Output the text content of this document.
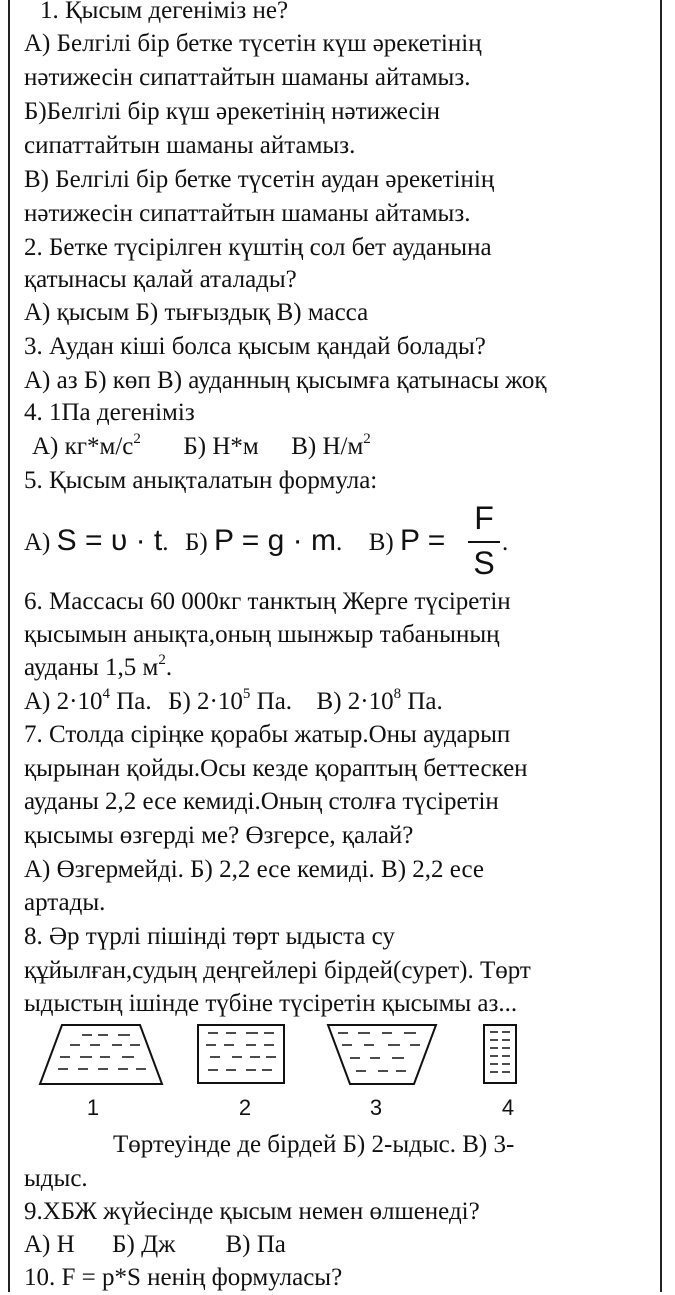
1. Қысым дегеніміз не?
А) Белгілі бір бетке түсетін күш әрекетінің
нәтижесін сипаттайтын шаманы айтамыз.
Б)Белгілі бір күш әрекетінің нәтижесін
сипаттайтын шаманы айтамыз.
В) Белгілі бір бетке түсетін аудан әрекетінің
нәтижесін сипаттайтын шаманы айтамыз.
2. Бетке түсірілген күштің сол бет ауданына
қатынасы қалай аталады?
А) қысым Б) тығыздық В) масса
3. Аудан кіші болса қысым қандай болады?
А) аз Б) көп В) ауданның қысымға қатынасы жоқ
4. 1Па дегеніміз
А) $кг*м/с^2$ Б) Н*м В) $Н/м^2$
5. Қысым анықталатын формула:
А) S = υ · t. Б) P = g · m. В) P =
F
S
.
6. Массасы 60 000кг танктың Жерге түсіретін
қысымын анықта,оның шынжыр табанының
ауданы 1,5 $м^2$.
А) $2\cdot 10^4$ Па. Б) $2\cdot 10^5$ Па. В) $2\cdot 10^8$ Па.
7. Столда сіріңке қорабы жатыр.Оны аударып
қырынан қойды.Осы кезде қораптың беттескен
ауданы 2,2 есе кемиді.Оның столға түсіретін
қысымы өзгерді ме? Өзгерсе, қалай?
А) Өзгермейді. Б) 2,2 есе кемиді. В) 2,2 есе
артады.
8. Әр түрлі пішінді төрт ыдыста су
құйылған,судың деңгейлері бірдей(сурет). Төрт
ыдыстың ішінде түбіне түсіретін қысымы аз...
1	2	3	4
Төртеуінде де бірдей Б) 2-ыдыс. В) 3-
ыдыс.
9.ХБЖ жүйесінде қысым немен өлшенеді?
А) Н      Б) Дж        В) Па
10. F = p*S ненің формуласы?
